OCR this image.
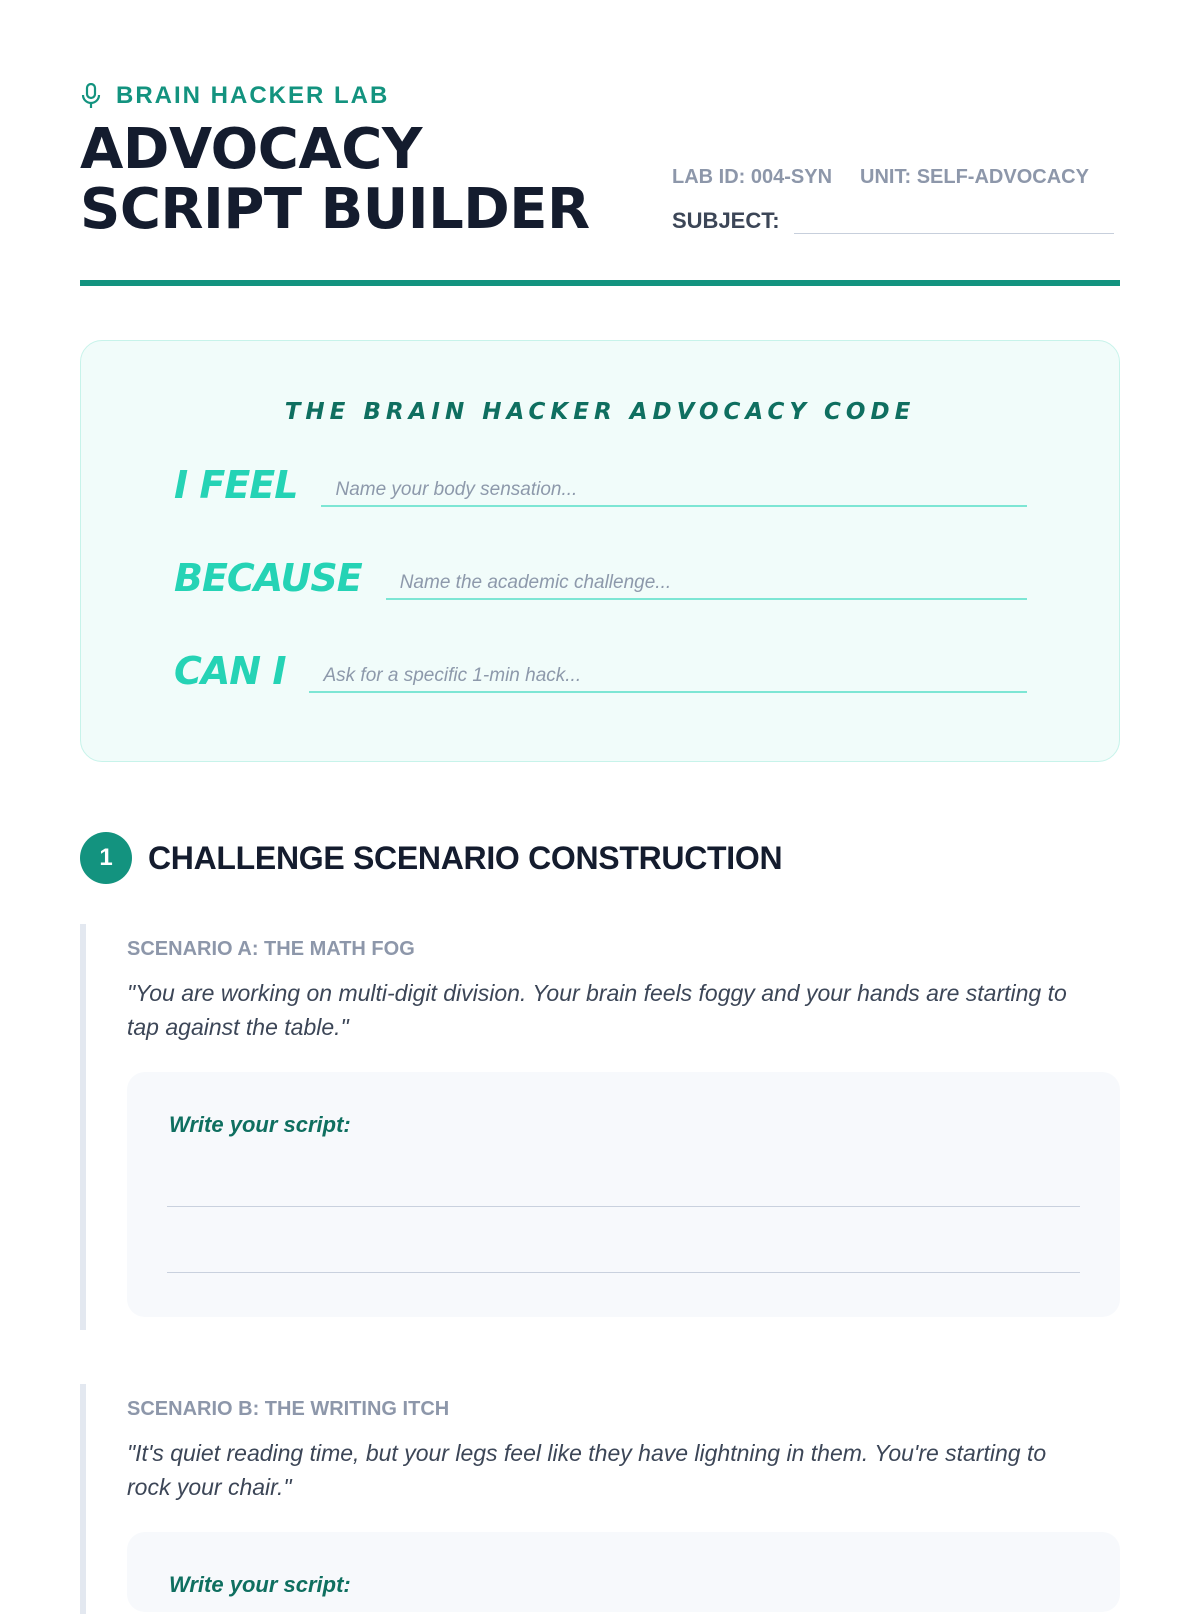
BRAIN HACKER LAB
ADVOCACY
SCRIPT BUILDER	LAB ID: 004-SYN UNIT: SELF-ADVOCACY
SUBJECT:
THE BRAIN HACKER ADVOCACY CODE
I FEEL	Name your body sensation...
BECAUSE	Name the academic challenge...
CAN I	Ask for a specific 1-min hack...
1	CHALLENGE SCENARIO CONSTRUCTION
SCENARIO A: THE MATH FOG

"You are working on multi-digit division. Your brain feels foggy and your hands are starting to tap against the table."

Write your script:
SCENARIO B: THE WRITING ITCH

"It's quiet reading time, but your legs feel like they have lightning in them. You're starting to rock your chair."

Write your script:
